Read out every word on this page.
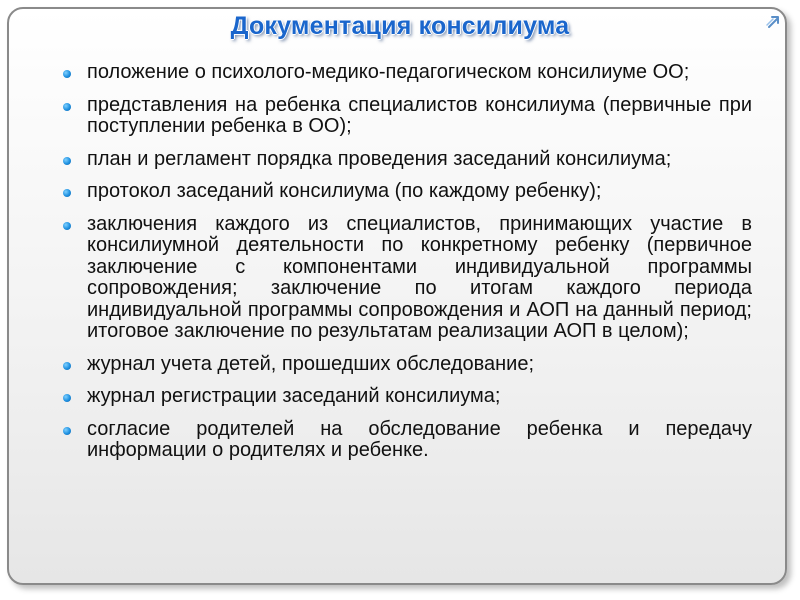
Документация консилиума
положение о психолого-медико-педагогическом консилиуме ОО;
представления на ребенка специалистов консилиума (первичные при поступлении ребенка в ОО);
план и регламент порядка проведения заседаний консилиума;
протокол заседаний консилиума (по каждому ребенку);
заключения каждого из специалистов, принимающих участие в консилиумной деятельности по конкретному ребенку (первичное заключение с компонентами индивидуальной программы сопровождения; заключение по итогам каждого периода индивидуальной программы сопровождения и АОП на данный период; итоговое заключение по результатам реализации АОП в целом);
журнал учета детей, прошедших обследование;
журнал регистрации заседаний консилиума;
согласие родителей на обследование ребенка и передачу информации о родителях и ребенке.
